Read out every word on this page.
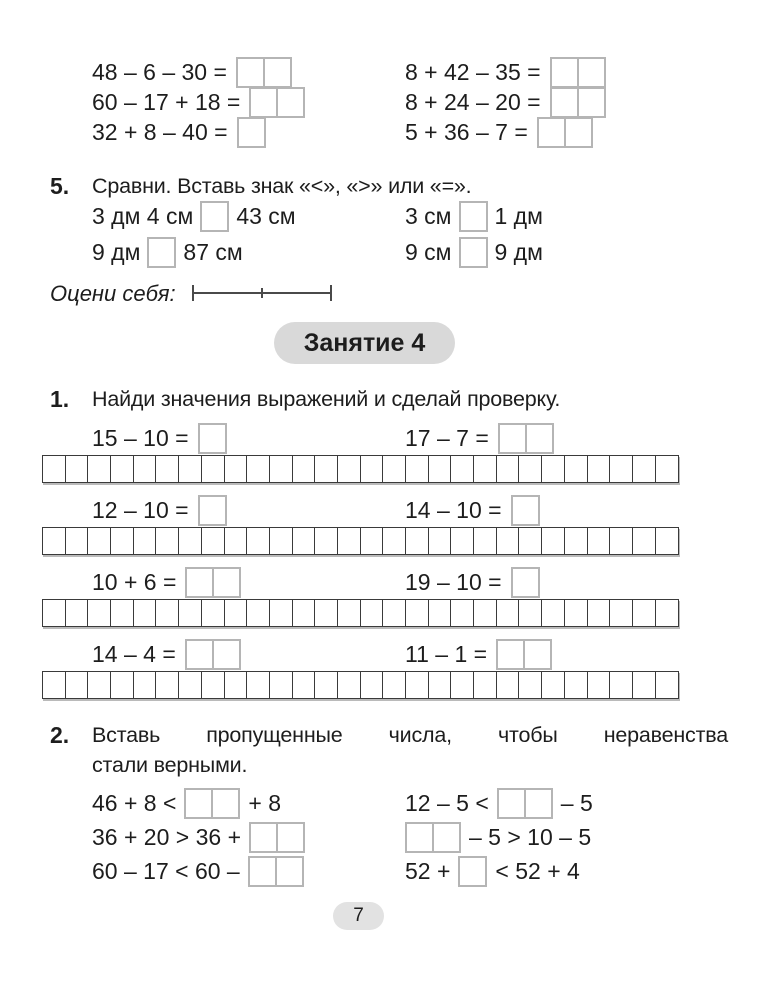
48 – 6 – 30 =
60 – 17 + 18 =
32 + 8 – 40 =
8 + 42 – 35 =
8 + 24 – 20 =
5 + 36 – 7 =
5. Сравни. Вставь знак «<», «>» или «=».
3 дм 4 см 43 см	3 см 1 дм
9 дм 87 см	9 см 9 дм
Оцени себя:
Занятие 4
1. Найди значения выражений и сделай проверку.
15 – 10 =	17 – 7 =
12 – 10 =	14 – 10 =
10 + 6 =	19 – 10 =
14 – 4 =	11 – 1 =
2. Вставь пропущенные числа, чтобы неравенства
стали верными.
46 + 8 <	+ 8	12 – 5 <	– 5
36 + 20 > 36 +	– 5 > 10 – 5
60 – 17 < 60 –	52 + < 52 + 4
7
